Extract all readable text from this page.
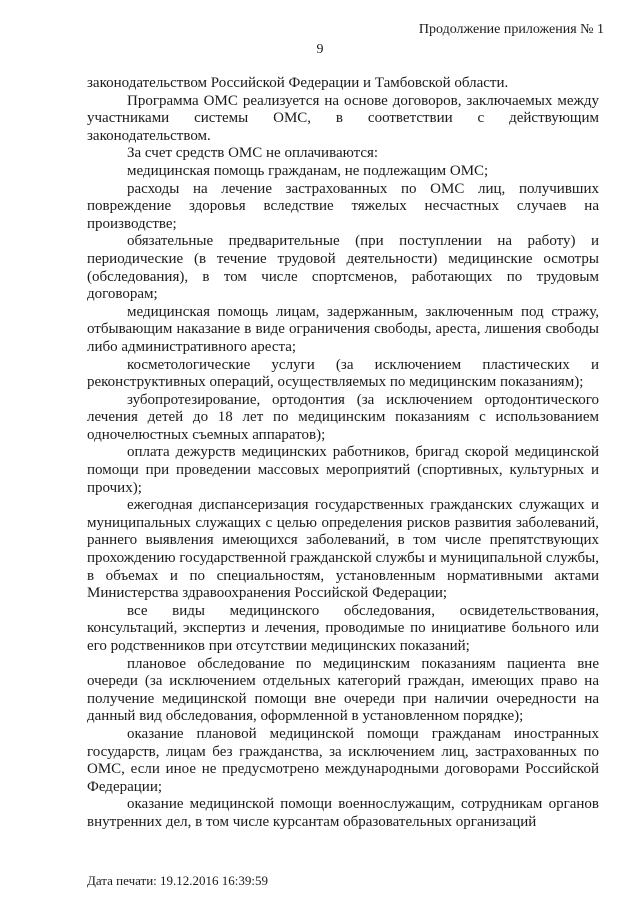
Продолжение приложения № 1
9

законодательством Российской Федерации и Тамбовской области.

Программа ОМС реализуется на основе договоров, заключаемых между участниками системы ОМС, в соответствии с действующим законодательством.

За счет средств ОМС не оплачиваются:

медицинская помощь гражданам, не подлежащим ОМС;

расходы на лечение застрахованных по ОМС лиц, получивших повреждение здоровья вследствие тяжелых несчастных случаев на производстве;

обязательные предварительные (при поступлении на работу) и периодические (в течение трудовой деятельности) медицинские осмотры (обследования), в том числе спортсменов, работающих по трудовым договорам;

медицинская помощь лицам, задержанным, заключенным под стражу, отбывающим наказание в виде ограничения свободы, ареста, лишения свободы либо административного ареста;

косметологические услуги (за исключением пластических и реконструктивных операций, осуществляемых по медицинским показаниям);

зубопротезирование, ортодонтия (за исключением ортодонтического лечения детей до 18 лет по медицинским показаниям с использованием одночелюстных съемных аппаратов);

оплата дежурств медицинских работников, бригад скорой медицинской помощи при проведении массовых мероприятий (спортивных, культурных и прочих);

ежегодная диспансеризация государственных гражданских служащих и муниципальных служащих с целью определения рисков развития заболеваний, раннего выявления имеющихся заболеваний, в том числе препятствующих прохождению государственной гражданской службы и муниципальной службы, в объемах и по специальностям, установленным нормативными актами Министерства здравоохранения Российской Федерации;

все виды медицинского обследования, освидетельствования, консультаций, экспертиз и лечения, проводимые по инициативе больного или его родственников при отсутствии медицинских показаний;

плановое обследование по медицинским показаниям пациента вне очереди (за исключением отдельных категорий граждан, имеющих право на получение медицинской помощи вне очереди при наличии очередности на данный вид обследования, оформленной в установленном порядке);

оказание плановой медицинской помощи гражданам иностранных государств, лицам без гражданства, за исключением лиц, застрахованных по ОМС, если иное не предусмотрено международными договорами Российской Федерации;

оказание медицинской помощи военнослужащим, сотрудникам органов внутренних дел, в том числе курсантам образовательных организаций

Дата печати: 19.12.2016 16:39:59
